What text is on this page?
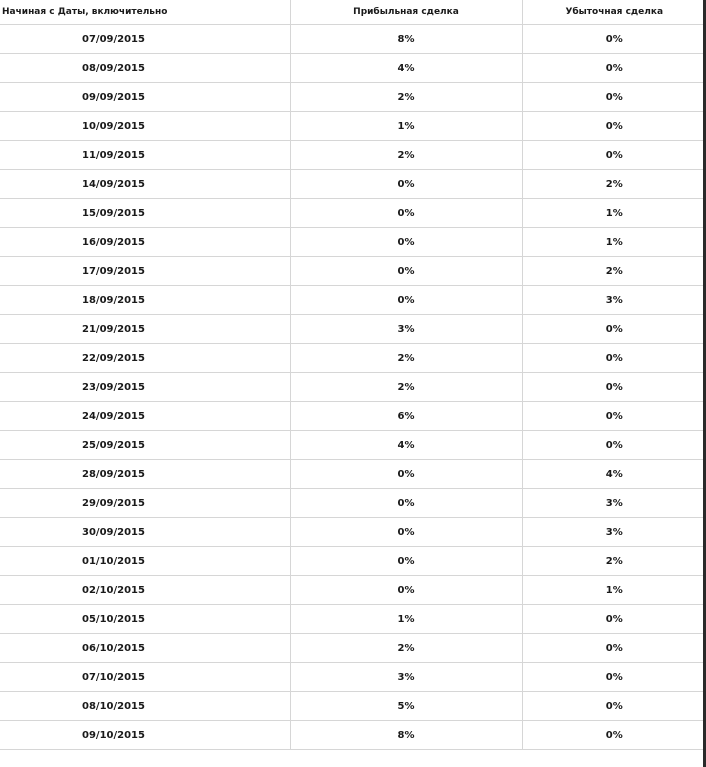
Начиная с Даты, включительно	Прибыльная сделка	Убыточная сделка
07/09/2015	8%	0%
08/09/2015	4%	0%
09/09/2015	2%	0%
10/09/2015	1%	0%
11/09/2015	2%	0%
14/09/2015	0%	2%
15/09/2015	0%	1%
16/09/2015	0%	1%
17/09/2015	0%	2%
18/09/2015	0%	3%
21/09/2015	3%	0%
22/09/2015	2%	0%
23/09/2015	2%	0%
24/09/2015	6%	0%
25/09/2015	4%	0%
28/09/2015	0%	4%
29/09/2015	0%	3%
30/09/2015	0%	3%
01/10/2015	0%	2%
02/10/2015	0%	1%
05/10/2015	1%	0%
06/10/2015	2%	0%
07/10/2015	3%	0%
08/10/2015	5%	0%
09/10/2015	8%	0%
